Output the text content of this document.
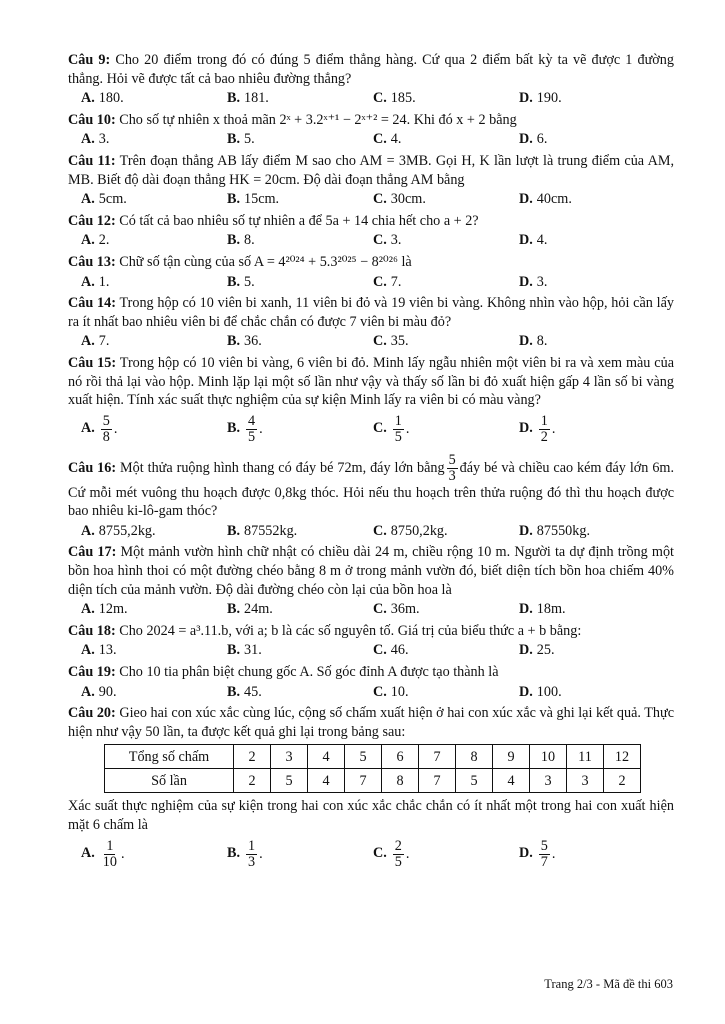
Câu 9: Cho 20 điểm trong đó có đúng 5 điểm thẳng hàng. Cứ qua 2 điểm bất kỳ ta vẽ được 1 đường thẳng. Hỏi vẽ được tất cả bao nhiêu đường thẳng?
A. 180.	B. 181.	C. 185.	D. 190.
Câu 10: Cho số tự nhiên x thoả mãn 2ˣ + 3.2ˣ⁺¹ − 2ˣ⁺² = 24. Khi đó x + 2 bằng
A. 3.	B. 5.	C. 4.	D. 6.
Câu 11: Trên đoạn thẳng AB lấy điểm M sao cho AM = 3MB. Gọi H, K lần lượt là trung điểm của AM, MB. Biết độ dài đoạn thẳng HK = 20cm. Độ dài đoạn thẳng AM bằng
A. 5cm.	B. 15cm.	C. 30cm.	D. 40cm.
Câu 12: Có tất cả bao nhiêu số tự nhiên a để 5a + 14 chia hết cho a + 2?
A. 2.	B. 8.	C. 3.	D. 4.
Câu 13: Chữ số tận cùng của số A = 4²⁰²⁴ + 5.3²⁰²⁵ − 8²⁰²⁶ là
A. 1.	B. 5.	C. 7.	D. 3.
Câu 14: Trong hộp có 10 viên bi xanh, 11 viên bi đỏ và 19 viên bi vàng. Không nhìn vào hộp, hỏi cần lấy ra ít nhất bao nhiêu viên bi để chắc chắn có được 7 viên bi màu đỏ?
A. 7.	B. 36.	C. 35.	D. 8.
Câu 15: Trong hộp có 10 viên bi vàng, 6 viên bi đỏ. Minh lấy ngẫu nhiên một viên bi ra và xem màu của nó rồi thả lại vào hộp. Minh lặp lại một số lần như vậy và thấy số lần bi đỏ xuất hiện gấp 4 lần số bi vàng xuất hiện. Tính xác suất thực nghiệm của sự kiện Minh lấy ra viên bi có màu vàng?
A. $\frac{5}{8}$ .	B. $\frac{4}{5}$ .	C. $\frac{1}{5}$ .	D. $\frac{1}{2}$ .
Câu 16: Một thửa ruộng hình thang có đáy bé 72m, đáy lớn bằng $\frac{5}{3}$ đáy bé và chiều cao kém đáy lớn 6m. Cứ mỗi mét vuông thu hoạch được 0,8kg thóc. Hỏi nếu thu hoạch trên thửa ruộng đó thì thu hoạch được bao nhiêu ki-lô-gam thóc?
A. 8755,2kg.	B. 87552kg.	C. 8750,2kg.	D. 87550kg.
Câu 17: Một mảnh vườn hình chữ nhật có chiều dài 24 m, chiều rộng 10 m. Người ta dự định trồng một bồn hoa hình thoi có một đường chéo bằng 8 m ở trong mảnh vườn đó, biết diện tích bồn hoa chiếm 40% diện tích của mảnh vườn. Độ dài đường chéo còn lại của bồn hoa là
A. 12m.	B. 24m.	C. 36m.	D. 18m.
Câu 18: Cho 2024 = a³.11.b, với a; b là các số nguyên tố. Giá trị của biểu thức a + b bằng:
A. 13.	B. 31.	C. 46.	D. 25.
Câu 19: Cho 10 tia phân biệt chung gốc A. Số góc đỉnh A được tạo thành là
A. 90.	B. 45.	C. 10.	D. 100.
Câu 20: Gieo hai con xúc xắc cùng lúc, cộng số chấm xuất hiện ở hai con xúc xắc và ghi lại kết quả. Thực hiện như vậy 50 lần, ta được kết quả ghi lại trong bảng sau:
Tổng số chấm	2	3	4	5	6	7	8	9	10	11	12
Số lần	2	5	4	7	8	7	5	4	3	3	2
Xác suất thực nghiệm của sự kiện trong hai con xúc xắc chắc chắn có ít nhất một trong hai con xuất hiện mặt 6 chấm là
A. $\frac{1}{10}$ .	B. $\frac{1}{3}$ .	C. $\frac{2}{5}$ .	D. $\frac{5}{7}$ .
Trang 2/3 - Mã đề thi 603
